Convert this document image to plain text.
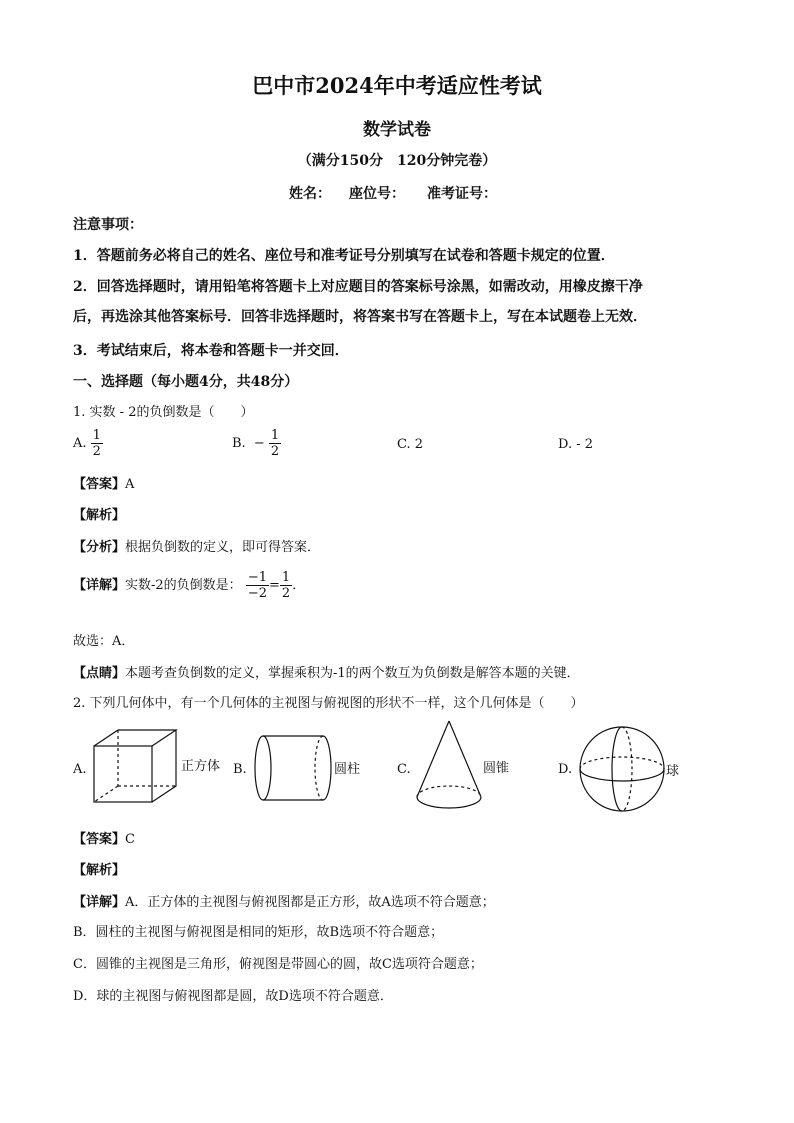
巴中市2024年中考适应性考试
数学试卷
（满分150分　120分钟完卷）
姓名： 座位号： 准考证号：
注意事项：
1．答题前务必将自己的姓名、座位号和准考证号分别填写在试卷和答题卡规定的位置．
2．回答选择题时，请用铅笔将答题卡上对应题目的答案标号涂黑，如需改动，用橡皮擦干净
后，再选涂其他答案标号．回答非选择题时，将答案书写在答题卡上，写在本试题卷上无效．
3．考试结束后，将本卷和答题卡一并交回．
一、选择题（每小题4分，共48分）
1. 实数 - 2的负倒数是（　　）
A. $\frac{1}{2}$	B. − $\frac{1}{2}$	C. 2	D. - 2
【答案】A
【解析】
【分析】根据负倒数的定义，即可得答案．
【详解】实数-2的负倒数是： $\frac{-1}{-2} = \frac{1}{2}$ ．
故选：A．
【点睛】本题考查负倒数的定义，掌握乘积为-1的两个数互为负倒数是解答本题的关键．
2. 下列几何体中，有一个几何体的主视图与俯视图的形状不一样，这个几何体是（　　）
A.	正方体 B.	圆柱	C.	圆锥	D.	球
【答案】C
【解析】
【详解】A．正方体的主视图与俯视图都是正方形，故A选项不符合题意；
B．圆柱的主视图与俯视图是相同的矩形，故B选项不符合题意；
C．圆锥的主视图是三角形，俯视图是带圆心的圆，故C选项符合题意；
D．球的主视图与俯视图都是圆，故D选项不符合题意．
